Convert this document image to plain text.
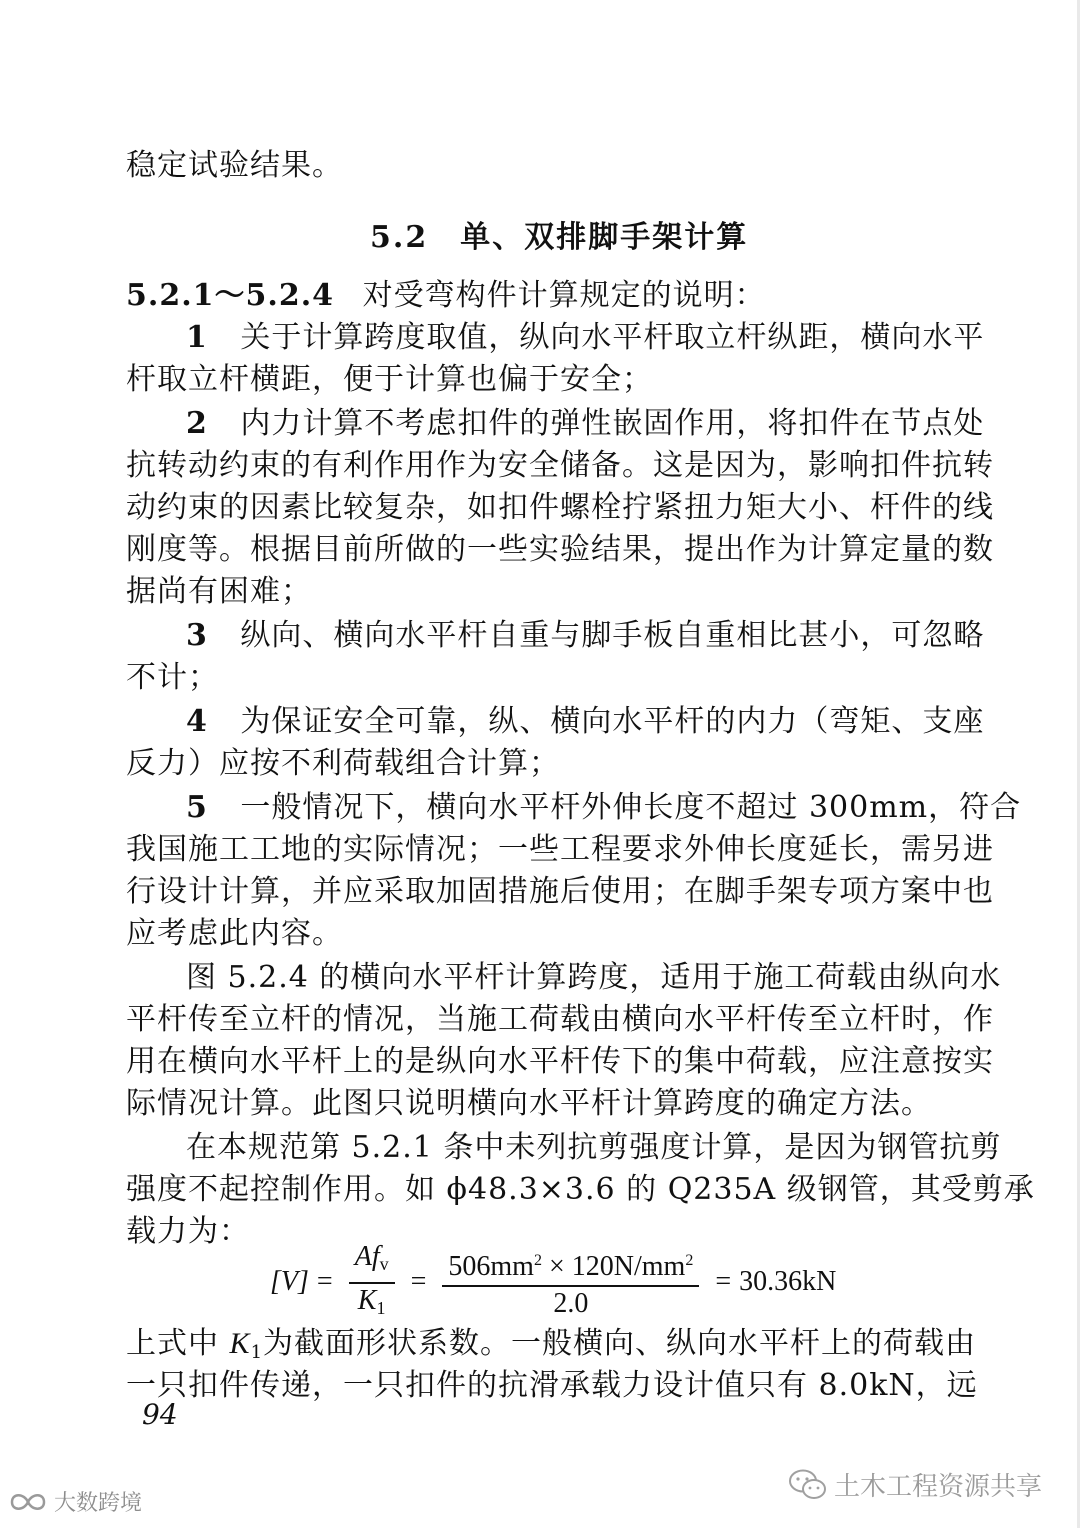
稳定试验结果。
5.2　单、双排脚手架计算
5.2.1～5.2.4 对受弯构件计算规定的说明：
1 关于计算跨度取值，纵向水平杆取立杆纵距，横向水平
杆取立杆横距，便于计算也偏于安全；
2 内力计算不考虑扣件的弹性嵌固作用，将扣件在节点处
抗转动约束的有利作用作为安全储备。这是因为，影响扣件抗转
动约束的因素比较复杂，如扣件螺栓拧紧扭力矩大小、杆件的线
刚度等。根据目前所做的一些实验结果，提出作为计算定量的数
据尚有困难；
3 纵向、横向水平杆自重与脚手板自重相比甚小，可忽略
不计；
4 为保证安全可靠，纵、横向水平杆的内力（弯矩、支座
反力）应按不利荷载组合计算；
5 一般情况下，横向水平杆外伸长度不超过 300mm，符合
我国施工工地的实际情况；一些工程要求外伸长度延长，需另进
行设计计算，并应采取加固措施后使用；在脚手架专项方案中也
应考虑此内容。
图 5.2.4 的横向水平杆计算跨度，适用于施工荷载由纵向水
平杆传至立杆的情况，当施工荷载由横向水平杆传至立杆时，作
用在横向水平杆上的是纵向水平杆传下的集中荷载，应注意按实
际情况计算。此图只说明横向水平杆计算跨度的确定方法。
在本规范第 5.2.1 条中未列抗剪强度计算，是因为钢管抗剪
强度不起控制作用。如 ϕ48.3×3.6 的 Q235A 级钢管，其受剪承
载力为：
$[V] = \frac{Af_v}{K_1} = \frac{506mm^2 \times 120N/mm^2}{2.0} = 30.36kN$
上式中 $K_1$为截面形状系数。一般横向、纵向水平杆上的荷载由
一只扣件传递，一只扣件的抗滑承载力设计值只有 8.0kN，远
94
土木工程资源共享
大数跨境
